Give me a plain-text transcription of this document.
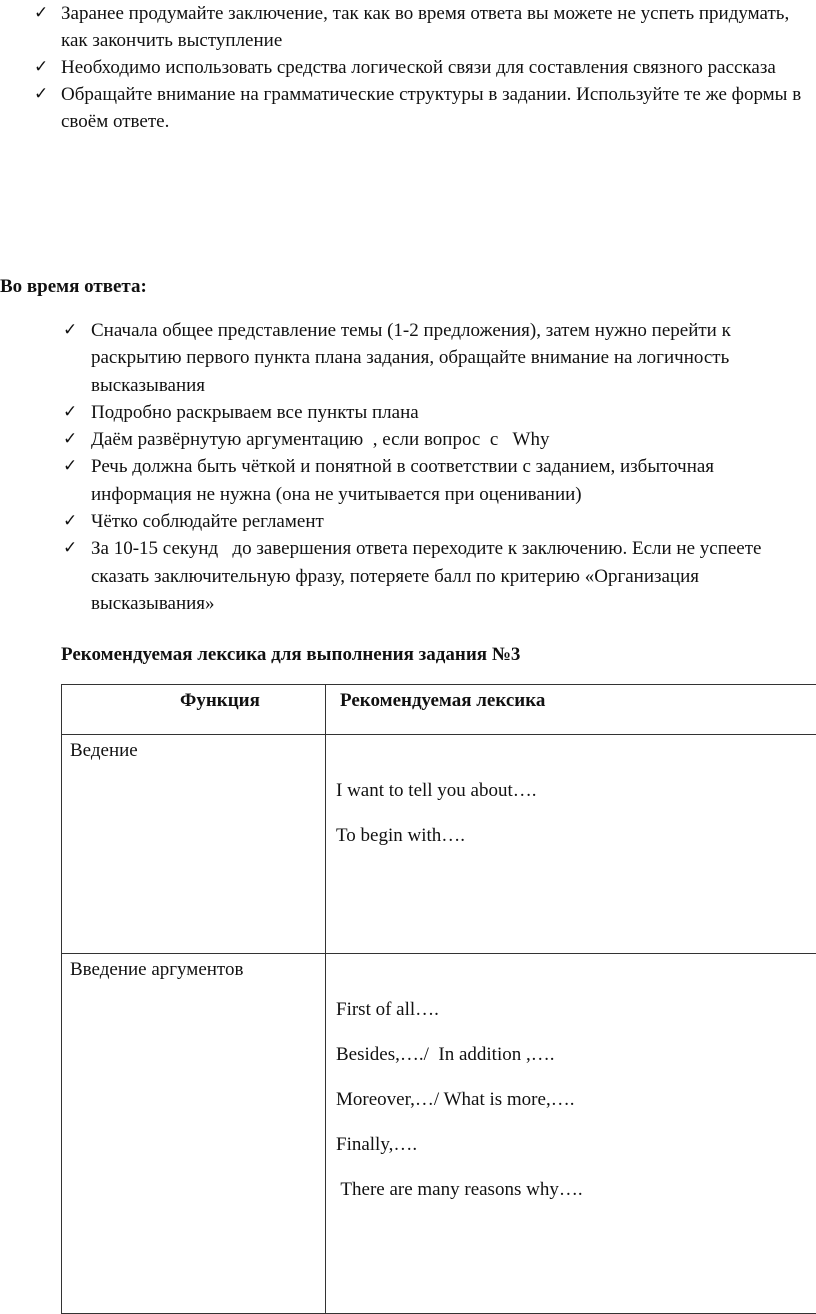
✓ Заранее продумайте заключение, так как во время ответа вы можете не успеть придумать, как закончить выступление
✓ Необходимо использовать средства логической связи для составления связного рассказа
✓ Обращайте внимание на грамматические структуры в задании. Используйте те же формы в своём ответе.

Во время ответа:

✓ Сначала общее представление темы (1-2 предложения), затем нужно перейти к раскрытию первого пункта плана задания, обращайте внимание на логичность высказывания
✓ Подробно раскрываем все пункты плана
✓ Даём развёрнутую аргументацию  , если вопрос  с   Why
✓ Речь должна быть чёткой и понятной в соответствии с заданием, избыточная информация не нужна (она не учитывается при оценивании)
✓ Чётко соблюдайте регламент
✓ За 10-15 секунд   до завершения ответа переходите к заключению. Если не успеете сказать заключительную фразу, потеряете балл по критерию «Организация высказывания»

Рекомендуемая лексика для выполнения задания №3

Функция	Рекомендуемая лексика
Ведение	I want to tell you about….

To begin with….

Введение аргументов	First of all….

Besides,…./  In addition ,….

Moreover,…/ What is more,….

Finally,….

There are many reasons why….
